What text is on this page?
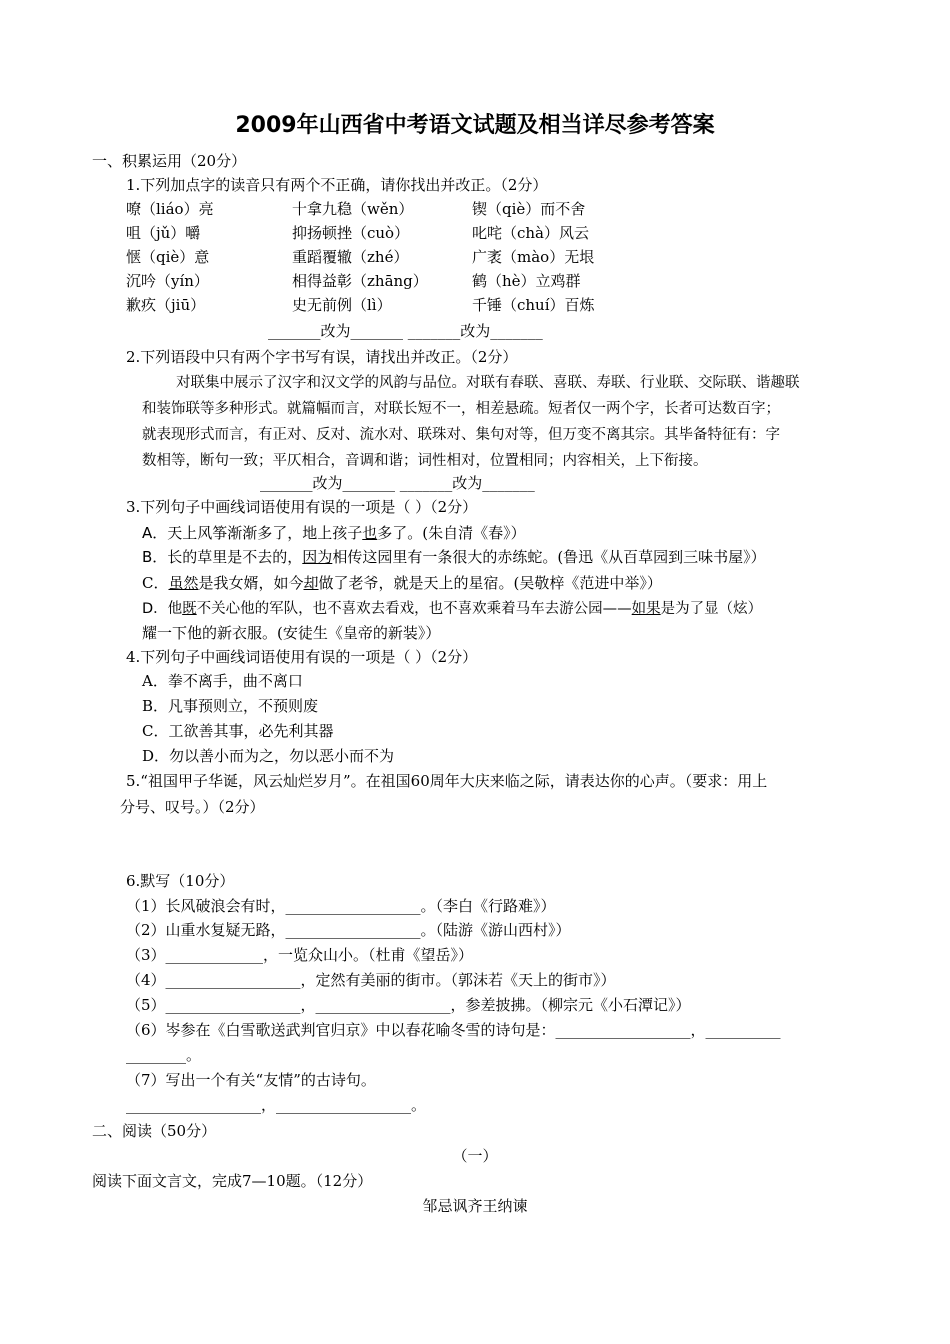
2009年山西省中考语文试题及相当详尽参考答案
一、积累运用（20分）
1.下列加点字的读音只有两个不正确，请你找出并改正。（2分）
嘹（liáo）亮	十拿九稳（wěn）	锲（qiè）而不舍
咀（jǔ）嚼	抑扬顿挫（cuò）	叱咤（chà）风云
惬（qiè）意	重蹈覆辙（zhé）	广袤（mào）无垠
沉吟（yín）	相得益彰（zhāng）	鹤（hè）立鸡群
歉疚（jiū）	史无前例（lì）	千锤（chuí）百炼
_______改为_______ _______改为_______
2.下列语段中只有两个字书写有误，请找出并改正。（2分）
对联集中展示了汉字和汉文学的风韵与品位。对联有春联、喜联、寿联、行业联、交际联、谐趣联
和装饰联等多种形式。就篇幅而言，对联长短不一，相差悬疏。短者仅一两个字，长者可达数百字；
就表现形式而言，有正对、反对、流水对、联珠对、集句对等，但万变不离其宗。其毕备特征有：字
数相等，断句一致；平仄相合，音调和谐；词性相对，位置相同；内容相关，上下衔接。
_______改为_______ _______改为_______
3.下列句子中画线词语使用有误的一项是（ ）（2分）
A．天上风筝渐渐多了，地上孩子也多了。(朱自清《春》）
B．长的草里是不去的，因为相传这园里有一条很大的赤练蛇。(鲁迅《从百草园到三味书屋》）
C．虽然是我女婿，如今却做了老爷，就是天上的星宿。(吴敬梓《范进中举》）
D．他既不关心他的军队，也不喜欢去看戏，也不喜欢乘着马车去游公园——如果是为了显（炫）
耀一下他的新衣服。(安徒生《皇帝的新装》）
4.下列句子中画线词语使用有误的一项是（ ）（2分）
A．拳不离手，曲不离口
B．凡事预则立，不预则废
C．工欲善其事，必先利其器
D．勿以善小而为之，勿以恶小而不为
5.“祖国甲子华诞，风云灿烂岁月”。在祖国60周年大庆来临之际，请表达你的心声。（要求：用上
分号、叹号。）（2分）
6.默写（10分）
（1）长风破浪会有时，__________________。（李白《行路难》）
（2）山重水复疑无路，__________________。（陆游《游山西村》）
（3）_____________，一览众山小。（杜甫《望岳》）
（4）__________________，定然有美丽的街市。（郭沫若《天上的街市》）
（5）__________________，__________________，参差披拂。（柳宗元《小石潭记》）
（6）岑参在《白雪歌送武判官归京》中以春花喻冬雪的诗句是：__________________，__________
________。
（7）写出一个有关“友情”的古诗句。
__________________，__________________。
二、阅读（50分）
（一）
阅读下面文言文，完成7—10题。（12分）
邹忌讽齐王纳谏
